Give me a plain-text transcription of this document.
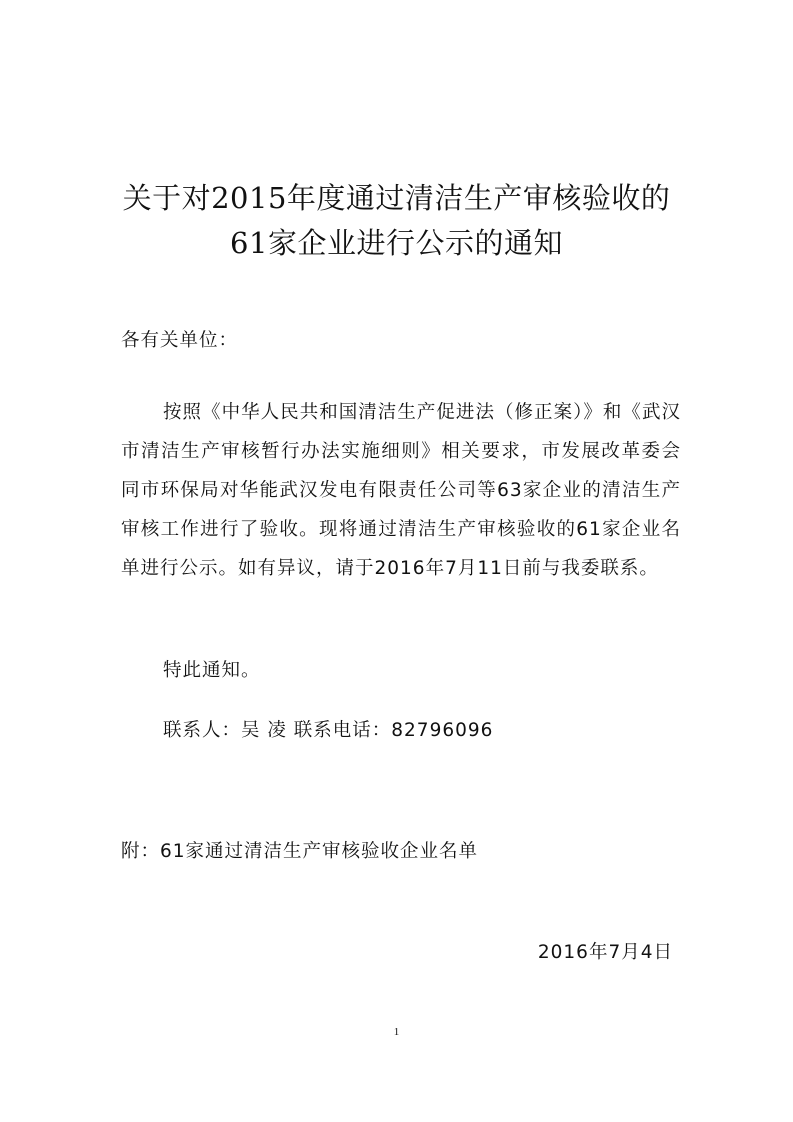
关于对2015年度通过清洁生产审核验收的
61家企业进行公示的通知
各有关单位：
按照《中华人民共和国清洁生产促进法（修正案）》和《武汉市清洁生产审核暂行办法实施细则》相关要求，市发展改革委会同市环保局对华能武汉发电有限责任公司等63家企业的清洁生产审核工作进行了验收。现将通过清洁生产审核验收的61家企业名单进行公示。如有异议，请于2016年7月11日前与我委联系。
特此通知。
联系人：吴 凌 联系电话：82796096
附：61家通过清洁生产审核验收企业名单
2016年7月4日
1
